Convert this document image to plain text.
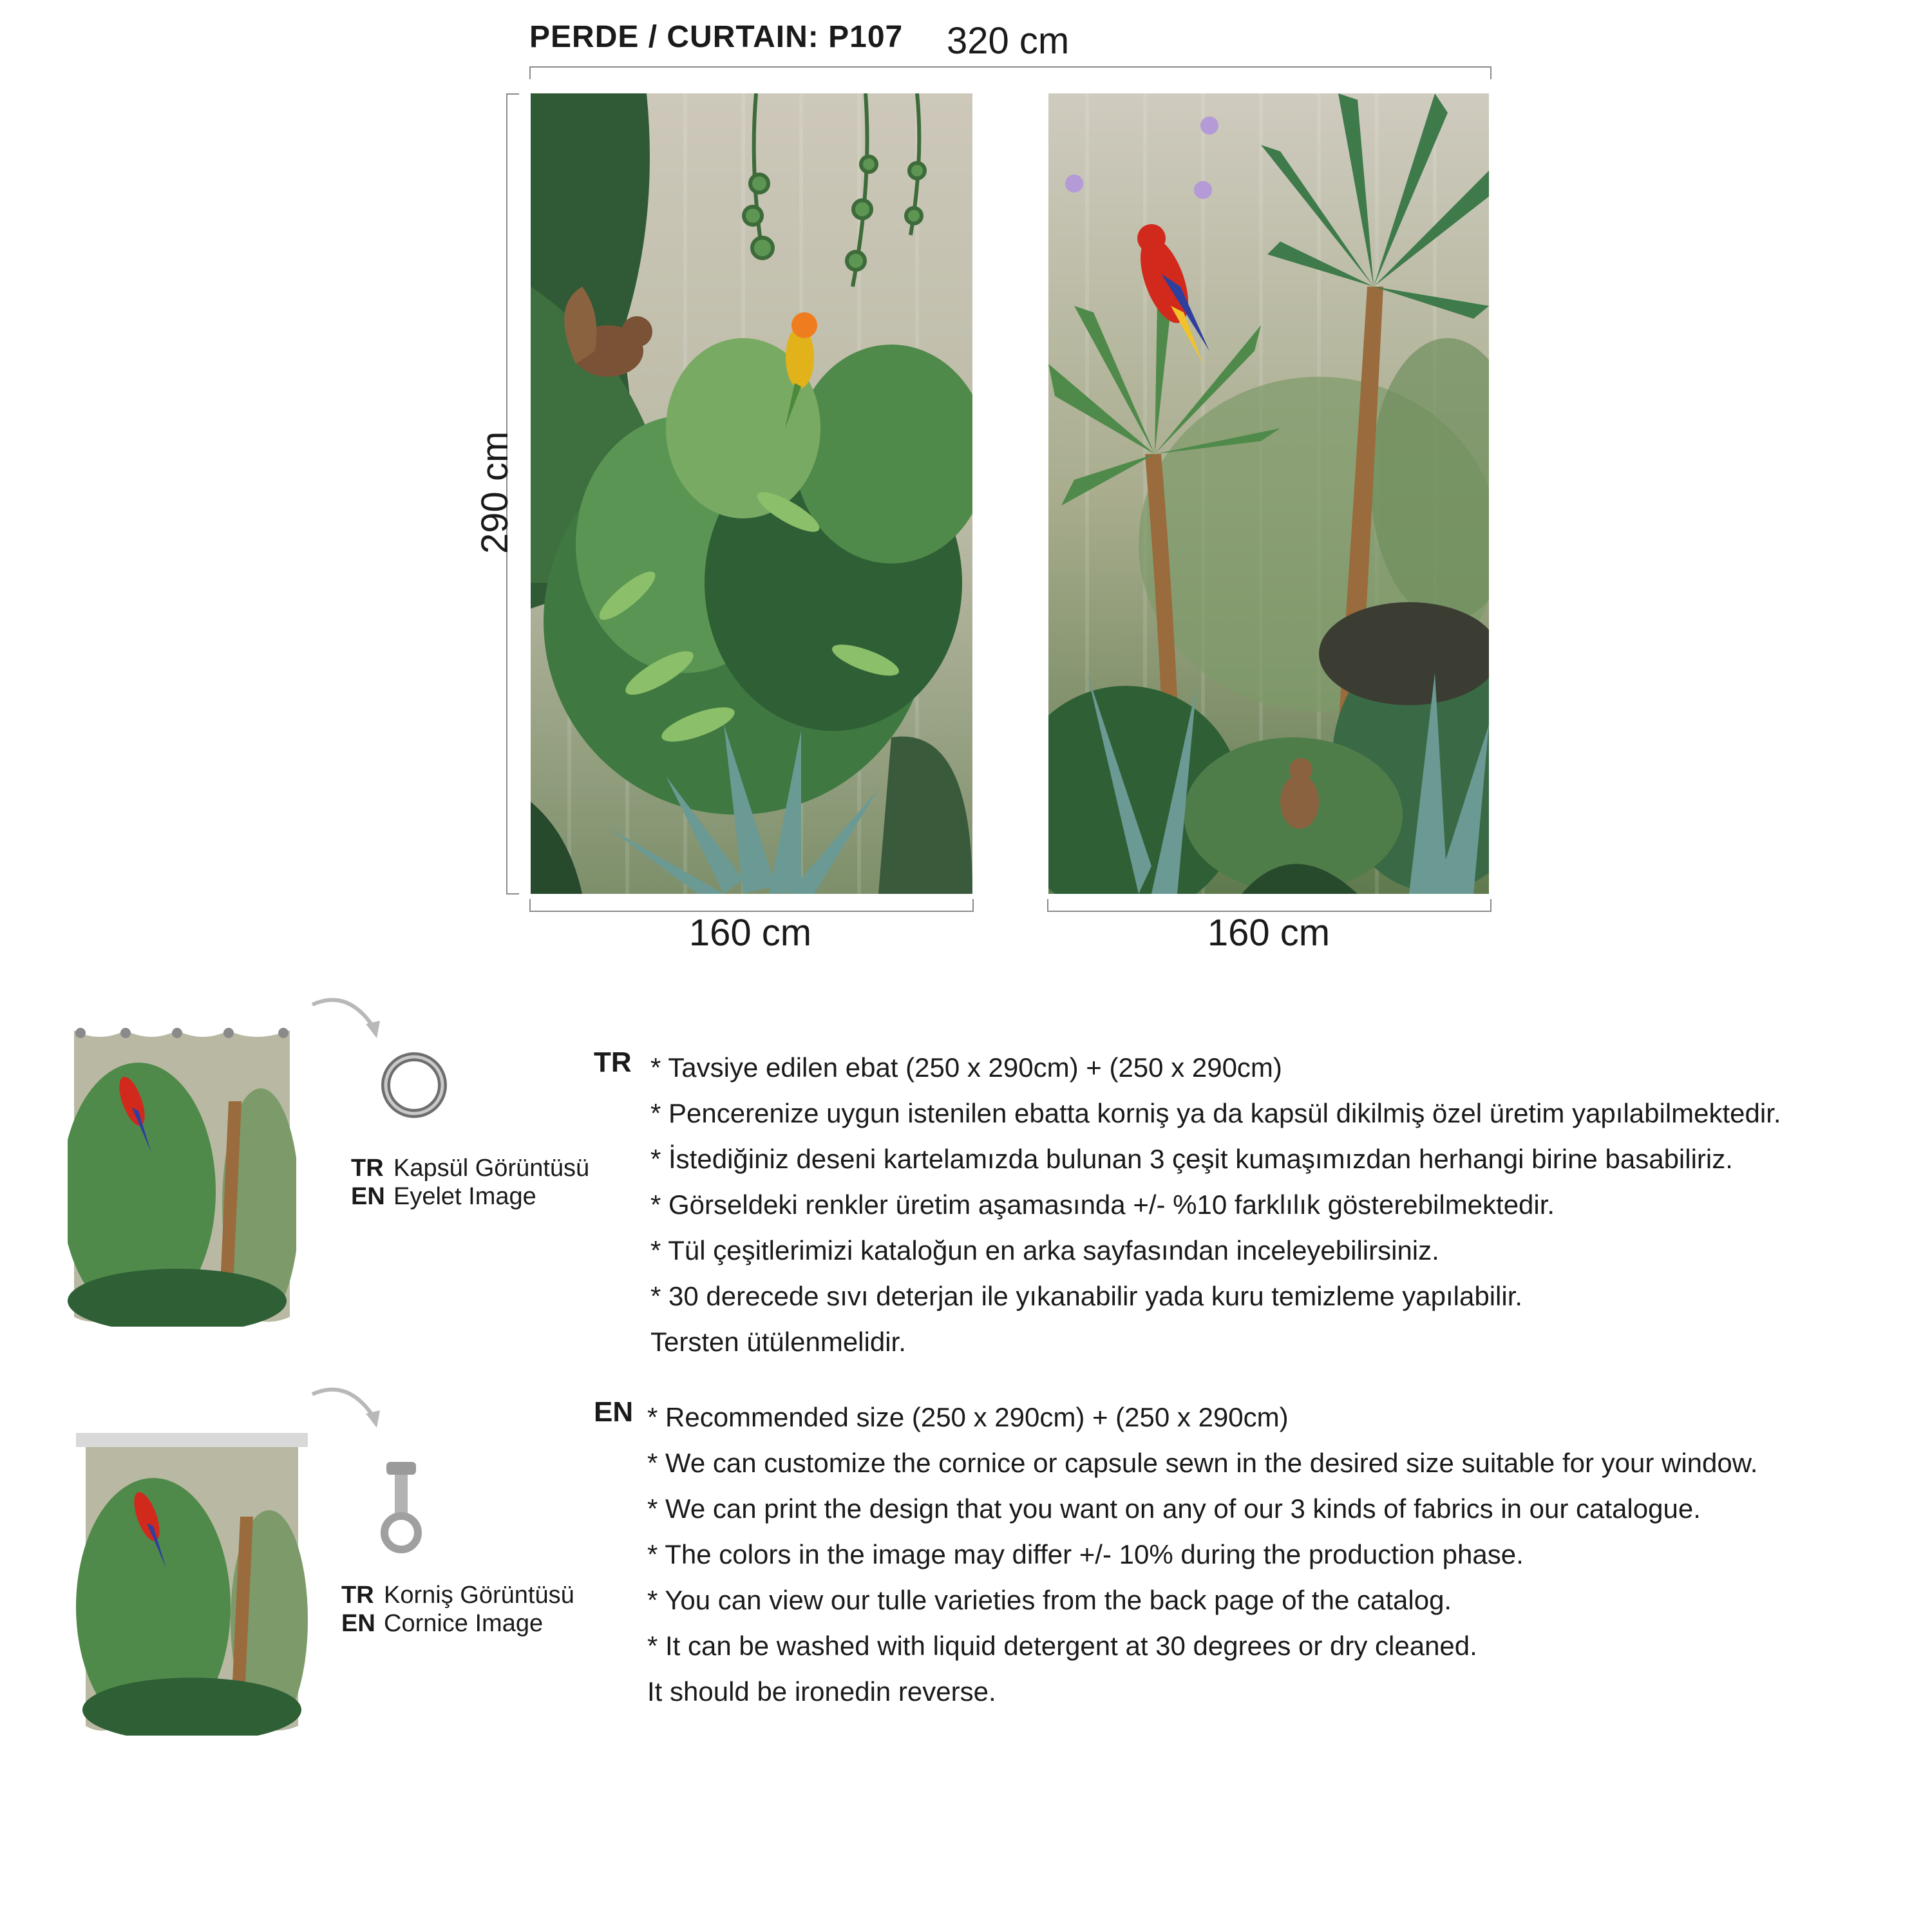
PERDE / CURTAIN: P107 320 cm
290 cm
160 cm	160 cm
TR Kapsül Görüntüsü
EN Eyelet Image
TR Korniş Görüntüsü
EN Cornice Image
TR * Tavsiye edilen ebat (250 x 290cm) + (250 x 290cm)
* Pencerenize uygun istenilen ebatta korniş ya da kapsül dikilmiş özel üretim yapılabilmektedir.
* İstediğiniz deseni kartelamızda bulunan 3 çeşit kumaşımızdan herhangi birine basabiliriz.
* Görseldeki renkler üretim aşamasında +/- %10 farklılık gösterebilmektedir.
* Tül çeşitlerimizi kataloğun en arka sayfasından inceleyebilirsiniz.
* 30 derecede sıvı deterjan ile yıkanabilir yada kuru temizleme yapılabilir.
Tersten ütülenmelidir.
EN * Recommended size (250 x 290cm) + (250 x 290cm)
* We can customize the cornice or capsule sewn in the desired size suitable for your window.
* We can print the design that you want on any of our 3 kinds of fabrics in our catalogue.
* The colors in the image may differ +/- 10% during the production phase.
* You can view our tulle varieties from the back page of the catalog.
* It can be washed with liquid detergent at 30 degrees or dry cleaned.
It should be ironedin reverse.
